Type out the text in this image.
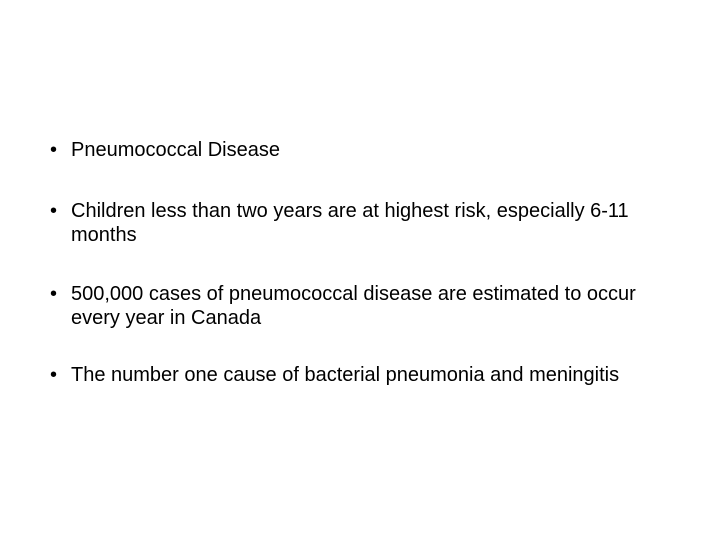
• Pneumococcal Disease
• Children less than two years are at highest risk, especially 6-11 months
• 500,000 cases of pneumococcal disease are estimated to occur every year in Canada
• The number one cause of bacterial pneumonia and meningitis
